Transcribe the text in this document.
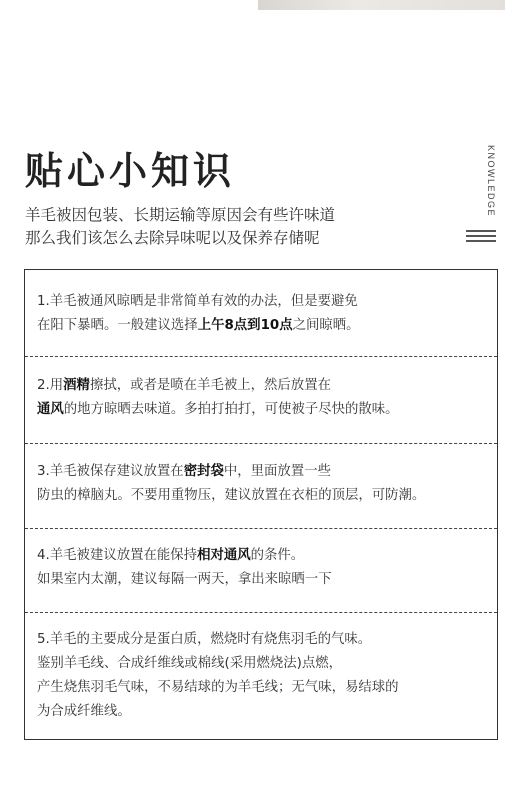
贴心小知识	KNOWLEDGE
羊毛被因包装、长期运输等原因会有些许味道
那么我们该怎么去除异味呢以及保养存储呢
1.羊毛被通风晾晒是非常简单有效的办法，但是要避免
在阳下暴晒。一般建议选择上午8点到10点之间晾晒。
2.用酒精擦拭，或者是喷在羊毛被上，然后放置在
通风的地方晾晒去味道。多拍打拍打，可使被子尽快的散味。
3.羊毛被保存建议放置在密封袋中，里面放置一些
防虫的樟脑丸。不要用重物压，建议放置在衣柜的顶层，可防潮。
4.羊毛被建议放置在能保持相对通风的条件。
如果室内太潮，建议每隔一两天，拿出来晾晒一下
5.羊毛的主要成分是蛋白质，燃烧时有烧焦羽毛的气味。
鉴别羊毛线、合成纤维线或棉线(采用燃烧法)点燃，
产生烧焦羽毛气味，不易结球的为羊毛线；无气味，易结球的
为合成纤维线。
